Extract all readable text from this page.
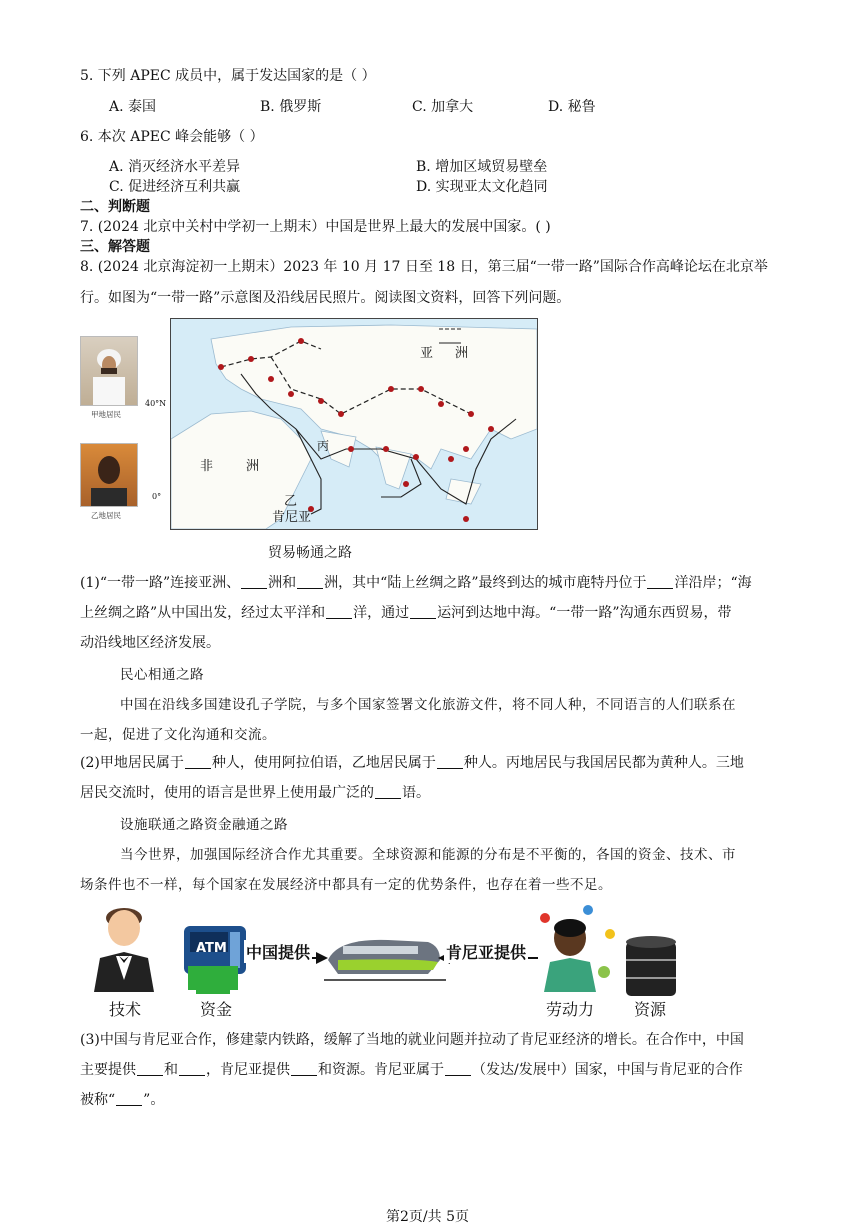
5. 下列 APEC 成员中，属于发达国家的是（ ）
A. 泰国	B. 俄罗斯	C. 加拿大	D. 秘鲁
6. 本次 APEC 峰会能够（ ）
A. 消灭经济水平差异	B. 增加区域贸易壁垒
C. 促进经济互利共赢	D. 实现亚太文化趋同
二、判断题
7. (2024 北京中关村中学初一上期末）中国是世界上最大的发展中国家。( )
三、解答题
8. (2024 北京海淀初一上期末）2023 年 10 月 17 日至 18 日，第三届“一带一路”国际合作高峰论坛在北京举
行。如图为“一带一路”示意图及沿线居民照片。阅读图文资料，回答下列问题。
甲地居民
乙地居民
亚 洲
非	洲
丙
乙
肯尼亚
40°N
0°
贸易畅通之路
(1)“一带一路”连接亚洲、 洲和 洲，其中“陆上丝绸之路”最终到达的城市鹿特丹位于 洋沿岸；“海
上丝绸之路”从中国出发，经过太平洋和 洋，通过 运河到达地中海。“一带一路”沟通东西贸易，带
动沿线地区经济发展。
民心相通之路
中国在沿线多国建设孔子学院，与多个国家签署文化旅游文件，将不同人种，不同语言的人们联系在
一起，促进了文化沟通和交流。
(2)甲地居民属于 种人，使用阿拉伯语，乙地居民属于 种人。丙地居民与我国居民都为黄种人。三地
居民交流时，使用的语言是世界上使用最广泛的 语。
设施联通之路资金融通之路
当今世界，加强国际经济合作尤其重要。全球资源和能源的分布是不平衡的，各国的资金、技术、市
场条件也不一样，每个国家在发展经济中都具有一定的优势条件，也存在着一些不足。
ATM 中国提供	肯尼亚提供
技术	资金	劳动力 资源
(3)中国与肯尼亚合作，修建蒙内铁路，缓解了当地的就业问题并拉动了肯尼亚经济的增长。在合作中，中国
主要提供 和 ，肯尼亚提供 和资源。肯尼亚属于 （发达/发展中）国家，中国与肯尼亚的合作
被称“ ”。
第2页/共 5页
